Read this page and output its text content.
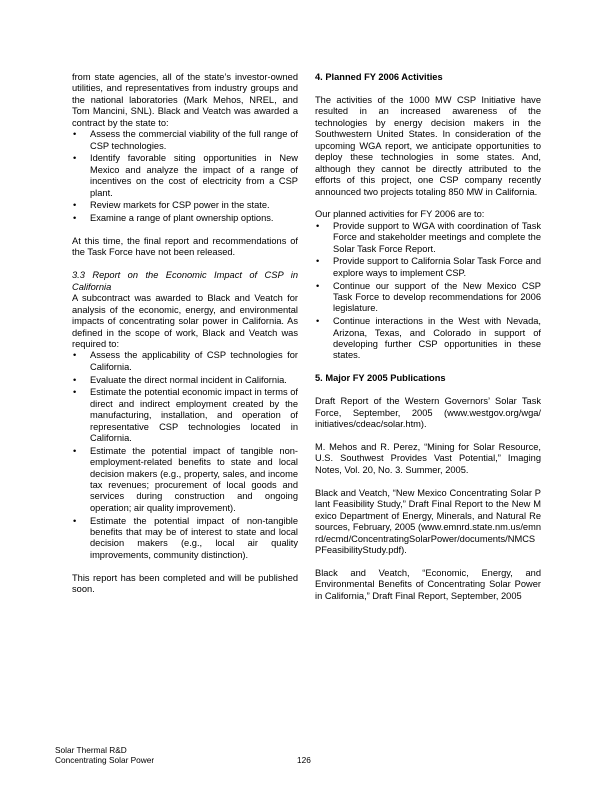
from state agencies, all of the state’s investor-owned utilities, and representatives from industry groups and the national laboratories (Mark Mehos, NREL, and Tom Mancini, SNL). Black and Veatch was awarded a contract by the state to:

• Assess the commercial viability of the full range of CSP technologies.
• Identify favorable siting opportunities in New Mexico and analyze the impact of a range of incentives on the cost of electricity from a CSP plant.
• Review markets for CSP power in the state.
• Examine a range of plant ownership options.

At this time, the final report and recommendations of the Task Force have not been released.

3.3 Report on the Economic Impact of CSP in California

A subcontract was awarded to Black and Veatch for analysis of the economic, energy, and environmental impacts of concentrating solar power in California. As defined in the scope of work, Black and Veatch was required to:

• Assess the applicability of CSP technologies for California.
• Evaluate the direct normal incident in California.
• Estimate the potential economic impact in terms of direct and indirect employment created by the manufacturing, installation, and operation of representative CSP technologies located in California.
• Estimate the potential impact of tangible non-employment-related benefits to state and local decision makers (e.g., property, sales, and income tax revenues; procurement of local goods and services during construction and ongoing operation; air quality improvement).
• Estimate the potential impact of non-tangible benefits that may be of interest to state and local decision makers (e.g., local air quality improvements, community distinction).

This report has been completed and will be published soon.

4. Planned FY 2006 Activities

The activities of the 1000 MW CSP Initiative have resulted in an increased awareness of the technologies by energy decision makers in the Southwestern United States. In consideration of the upcoming WGA report, we anticipate opportunities to deploy these technologies in some states. And, although they cannot be directly attributed to the efforts of this project, one CSP company recently announced two projects totaling 850 MW in California.

Our planned activities for FY 2006 are to:

• Provide support to WGA with coordination of Task Force and stakeholder meetings and complete the Solar Task Force Report.
• Provide support to California Solar Task Force and explore ways to implement CSP.
• Continue our support of the New Mexico CSP Task Force to develop recommendations for 2006 legislature.
• Continue interactions in the West with Nevada, Arizona, Texas, and Colorado in support of developing further CSP opportunities in these states.
5. Major FY 2005 Publications

Draft Report of the Western Governors’ Solar Task Force, September, 2005 (www.westgov.org/wga/ initiatives/cdeac/solar.htm).

M. Mehos and R. Perez, “Mining for Solar Resource, U.S. Southwest Provides Vast Potential,” Imaging Notes, Vol. 20, No. 3. Summer, 2005.

Black and Veatch, “New Mexico Concentrating Solar Plant Feasibility Study,” Draft Final Report to the New Mexico Department of Energy, Minerals, and Natural Resources, February, 2005 (www.emnrd.state.nm.us/emnrd/ecmd/ConcentratingSolarPower/documents/NMCSPFeasibilityStudy.pdf).

Black and Veatch, “Economic, Energy, and Environmental Benefits of Concentrating Solar Power in California,” Draft Final Report, September, 2005

Solar Thermal R&D
Concentrating Solar Power	126
